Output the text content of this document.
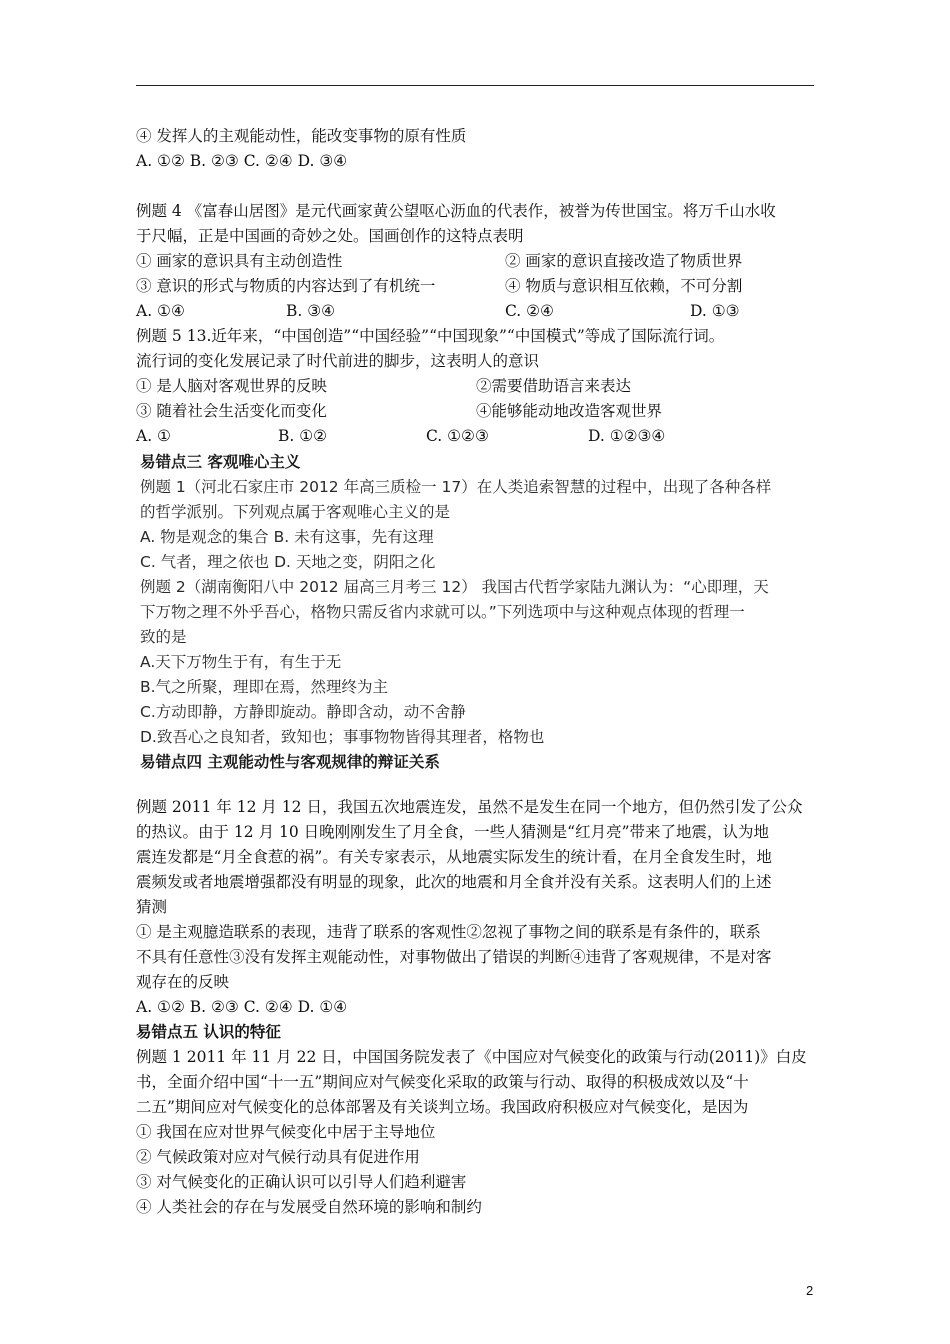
④ 发挥人的主观能动性，能改变事物的原有性质
A. ①② B. ②③ C. ②④ D. ③④
例题 4 《富春山居图》是元代画家黄公望呕心沥血的代表作，被誉为传世国宝。将万千山水收
于尺幅，正是中国画的奇妙之处。国画创作的这特点表明
① 画家的意识具有主动创造性	② 画家的意识直接改造了物质世界
③ 意识的形式与物质的内容达到了有机统一	④ 物质与意识相互依赖，不可分割
A. ①④	B. ③④	C. ②④	D. ①③
例题 5 13.近年来，“中国创造”“中国经验”“中国现象”“中国模式”等成了国际流行词。
流行词的变化发展记录了时代前进的脚步，这表明人的意识
① 是人脑对客观世界的反映	②需要借助语言来表达
③ 随着社会生活变化而变化	④能够能动地改造客观世界
A. ①	B. ①②	C. ①②③	D. ①②③④
易错点三 客观唯心主义
例题 1（河北石家庄市 2012 年高三质检一 17）在人类追索智慧的过程中，出现了各种各样
的哲学派别。下列观点属于客观唯心主义的是
A. 物是观念的集合 B. 未有这事，先有这理
C. 气者，理之依也 D. 天地之变，阴阳之化
例题 2（湖南衡阳八中 2012 届高三月考三 12） 我国古代哲学家陆九渊认为：“心即理，天
下万物之理不外乎吾心，格物只需反省内求就可以。”下列选项中与这种观点体现的哲理一
致的是
A.天下万物生于有，有生于无
B.气之所聚，理即在焉，然理终为主
C.方动即静，方静即旋动。静即含动，动不舍静
D.致吾心之良知者，致知也；事事物物皆得其理者，格物也
易错点四 主观能动性与客观规律的辩证关系
例题 2011 年 12 月 12 日，我国五次地震连发，虽然不是发生在同一个地方，但仍然引发了公众
的热议。由于 12 月 10 日晚刚刚发生了月全食，一些人猜测是“红月亮”带来了地震，认为地
震连发都是“月全食惹的祸”。有关专家表示，从地震实际发生的统计看，在月全食发生时，地
震频发或者地震增强都没有明显的现象，此次的地震和月全食并没有关系。这表明人们的上述
猜测
① 是主观臆造联系的表现，违背了联系的客观性②忽视了事物之间的联系是有条件的，联系
不具有任意性③没有发挥主观能动性，对事物做出了错误的判断④违背了客观规律，不是对客
观存在的反映
A. ①② B. ②③ C. ②④ D. ①④
易错点五 认识的特征
例题 1 2011 年 11 月 22 日，中国国务院发表了《中国应对气候变化的政策与行动(2011)》白皮
书，全面介绍中国“十一五”期间应对气候变化采取的政策与行动、取得的积极成效以及“十
二五”期间应对气候变化的总体部署及有关谈判立场。我国政府积极应对气候变化，是因为
① 我国在应对世界气候变化中居于主导地位
② 气候政策对应对气候行动具有促进作用
③ 对气候变化的正确认识可以引导人们趋利避害
④ 人类社会的存在与发展受自然环境的影响和制约
2
